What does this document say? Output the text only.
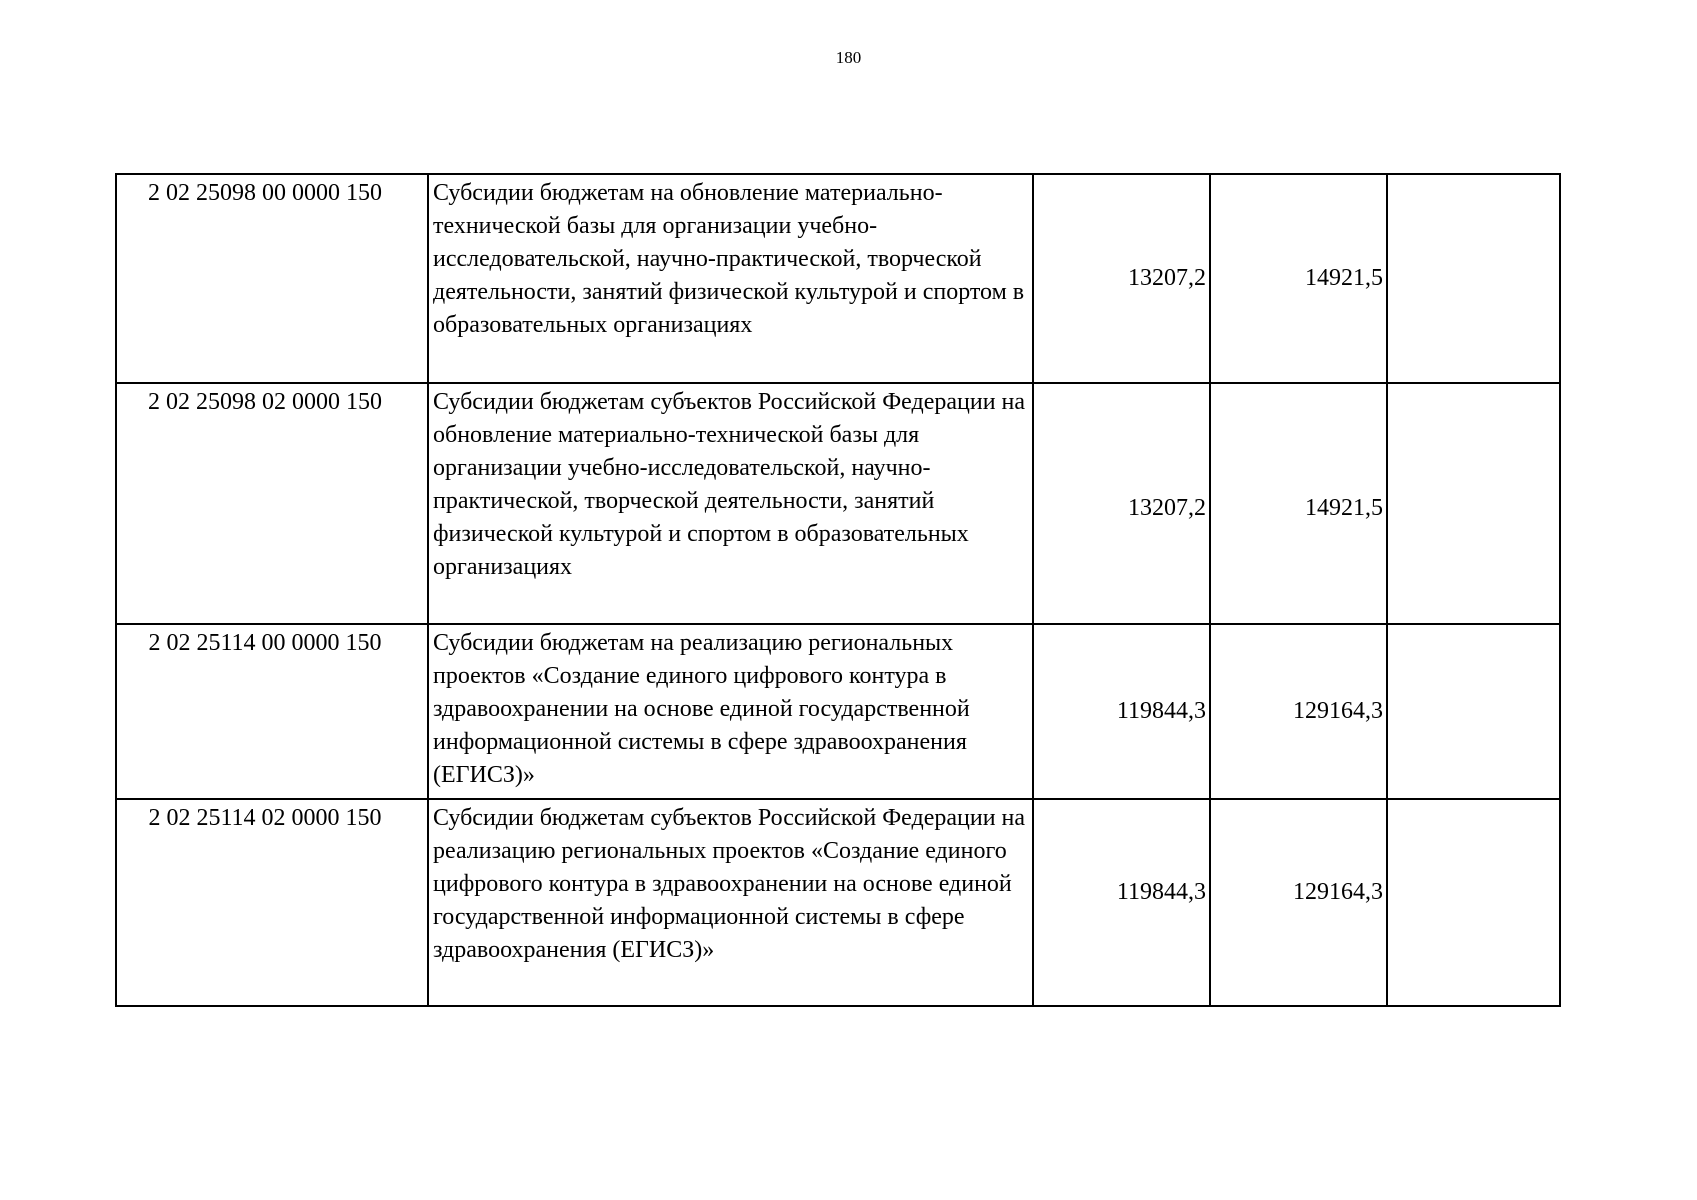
180
2 02 25098 00 0000 150	Субсидии бюджетам на обновление материально-технической базы для организации учебно-исследовательской, научно-практической, творческой деятельности, занятий физической культурой и спортом в образовательных организациях	13207,2	14921,5	
2 02 25098 02 0000 150	Субсидии бюджетам субъектов Российской Федерации на обновление материально-технической базы для организации учебно-исследовательской, научно-практической, творческой деятельности, занятий физической культурой и спортом в образовательных организациях	13207,2	14921,5	
2 02 25114 00 0000 150	Субсидии бюджетам на реализацию региональных проектов «Создание единого цифрового контура в здравоохранении на основе единой государственной информационной системы в сфере здравоохранения (ЕГИСЗ)»	119844,3	129164,3	
2 02 25114 02 0000 150	Субсидии бюджетам субъектов Российской Федерации на реализацию региональных проектов «Создание единого цифрового контура в здравоохранении на основе единой государственной информационной системы в сфере здравоохранения (ЕГИСЗ)»	119844,3	129164,3	
